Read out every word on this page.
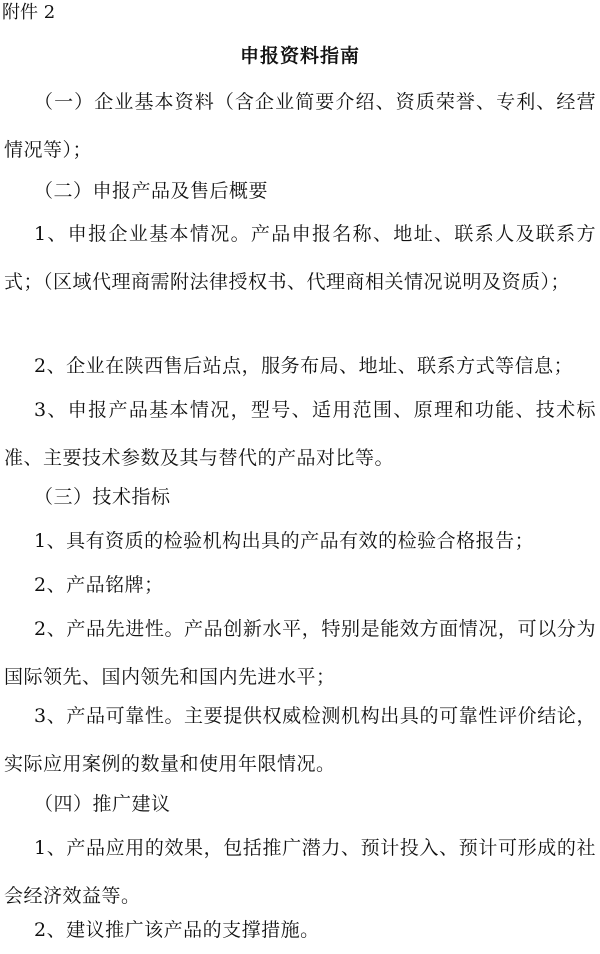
附件 2
申报资料指南

（一）企业基本资料（含企业简要介绍、资质荣誉、专利、经营情况等）；

（二）申报产品及售后概要

1、申报企业基本情况。产品申报名称、地址、联系人及联系方式；（区域代理商需附法律授权书、代理商相关情况说明及资质）；

2、企业在陕西售后站点，服务布局、地址、联系方式等信息；

3、申报产品基本情况，型号、适用范围、原理和功能、技术标准、主要技术参数及其与替代的产品对比等。

（三）技术指标

1、具有资质的检验机构出具的产品有效的检验合格报告；

2、产品铭牌；

2、产品先进性。产品创新水平，特别是能效方面情况，可以分为国际领先、国内领先和国内先进水平；

3、产品可靠性。主要提供权威检测机构出具的可靠性评价结论，实际应用案例的数量和使用年限情况。

（四）推广建议

1、产品应用的效果，包括推广潜力、预计投入、预计可形成的社会经济效益等。

2、建议推广该产品的支撑措施。
